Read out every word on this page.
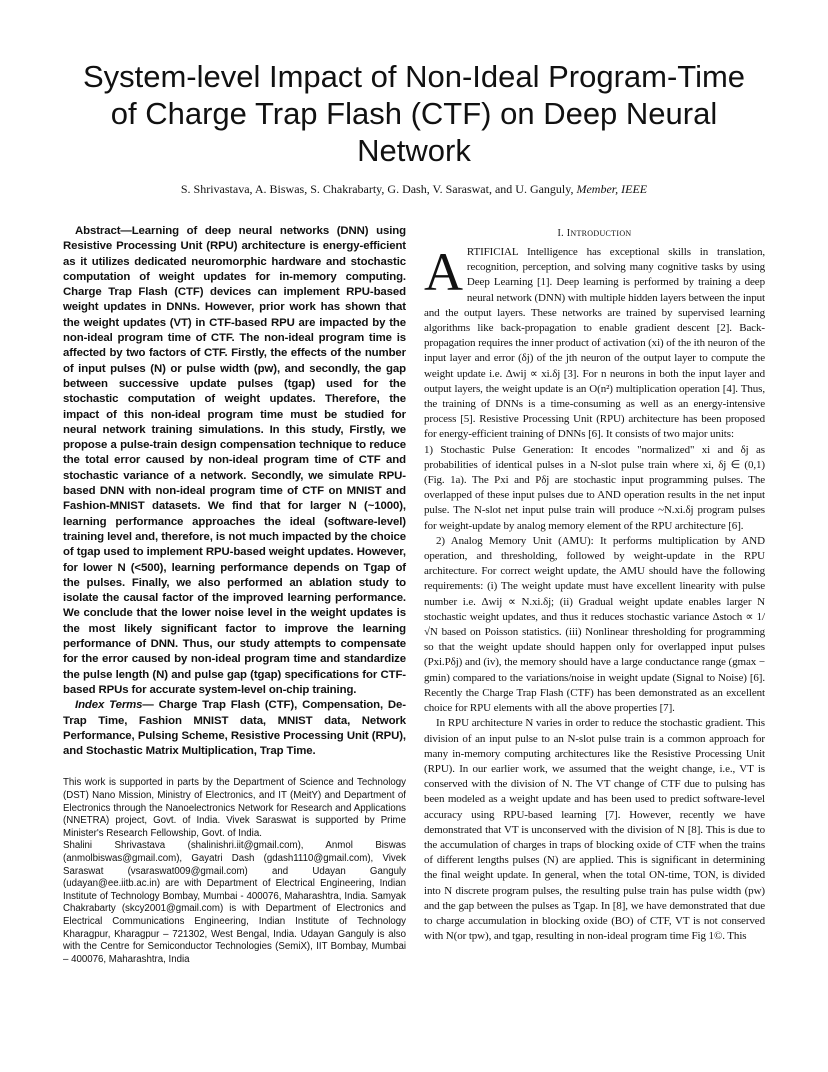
System-level Impact of Non-Ideal Program-Time of Charge Trap Flash (CTF) on Deep Neural Network
S. Shrivastava, A. Biswas, S. Chakrabarty, G. Dash, V. Saraswat, and U. Ganguly, Member, IEEE

Abstract—Learning of deep neural networks (DNN) using Resistive Processing Unit (RPU) architecture is energy-efficient as it utilizes dedicated neuromorphic hardware and stochastic computation of weight updates for in-memory computing. Charge Trap Flash (CTF) devices can implement RPU-based weight updates in DNNs. However, prior work has shown that the weight updates (VT) in CTF-based RPU are impacted by the non-ideal program time of CTF. The non-ideal program time is affected by two factors of CTF. Firstly, the effects of the number of input pulses (N) or pulse width (pw), and secondly, the gap between successive update pulses (tgap) used for the stochastic computation of weight updates. Therefore, the impact of this non-ideal program time must be studied for neural network training simulations. In this study, Firstly, we propose a pulse-train design compensation technique to reduce the total error caused by non-ideal program time of CTF and stochastic variance of a network. Secondly, we simulate RPU-based DNN with non-ideal program time of CTF on MNIST and Fashion-MNIST datasets. We find that for larger N (~1000), learning performance approaches the ideal (software-level) training level and, therefore, is not much impacted by the choice of tgap used to implement RPU-based weight updates. However, for lower N (<500), learning performance depends on Tgap of the pulses. Finally, we also performed an ablation study to isolate the causal factor of the improved learning performance. We conclude that the lower noise level in the weight updates is the most likely significant factor to improve the learning performance of DNN. Thus, our study attempts to compensate for the error caused by non-ideal program time and standardize the pulse length (N) and pulse gap (tgap) specifications for CTF-based RPUs for accurate system-level on-chip training.

Index Terms— Charge Trap Flash (CTF), Compensation, De-Trap Time, Fashion MNIST data, MNIST data, Network Performance, Pulsing Scheme, Resistive Processing Unit (RPU), and Stochastic Matrix Multiplication, Trap Time.

This work is supported in parts by the Department of Science and Technology (DST) Nano Mission, Ministry of Electronics, and IT (MeitY) and Department of Electronics through the Nanoelectronics Network for Research and Applications (NNETRA) project, Govt. of India. Vivek Saraswat is supported by Prime Minister's Research Fellowship, Govt. of India.

Shalini Shrivastava (shalinishri.iit@gmail.com), Anmol Biswas (anmolbiswas@gmail.com), Gayatri Dash (gdash1110@gmail.com), Vivek Saraswat (vsaraswat009@gmail.com) and Udayan Ganguly (udayan@ee.iitb.ac.in) are with Department of Electrical Engineering, Indian Institute of Technology Bombay, Mumbai - 400076, Maharashtra, India. Samyak Chakrabarty (skcy2001@gmail.com) is with Department of Electronics and Electrical Communications Engineering, Indian Institute of Technology Kharagpur, Kharagpur – 721302, West Bengal, India. Udayan Ganguly is also with the Centre for Semiconductor Technologies (SemiX), IIT Bombay, Mumbai – 400076, Maharashtra, India

I. INTRODUCTION

ARTIFICIAL Intelligence has exceptional skills in translation, recognition, perception, and solving many cognitive tasks by using Deep Learning [1]. Deep learning is performed by training a deep neural network (DNN) with multiple hidden layers between the input and the output layers. These networks are trained by supervised learning algorithms like back-propagation to enable gradient descent [2]. Back-propagation requires the inner product of activation (xi) of the ith neuron of the input layer and error (δj) of the jth neuron of the output layer to compute the weight update i.e. Δwij ∝ xi.δj [3]. For n neurons in both the input layer and output layers, the weight update is an O(n²) multiplication operation [4]. Thus, the training of DNNs is a time-consuming as well as an energy-intensive process [5]. Resistive Processing Unit (RPU) architecture has been proposed for energy-efficient training of DNNs [6]. It consists of two major units:

1) Stochastic Pulse Generation: It encodes "normalized" xi and δj as probabilities of identical pulses in a N-slot pulse train where xi, δj ∈ (0,1) (Fig. 1a). The Pxi and Pδj are stochastic input programming pulses. The overlapped of these input pulses due to AND operation results in the net input pulse. The N-slot net input pulse train will produce ~N.xi.δj program pulses for weight-update by analog memory element of the RPU architecture [6].

2) Analog Memory Unit (AMU): It performs multiplication by AND operation, and thresholding, followed by weight-update in the RPU architecture. For correct weight update, the AMU should have the following requirements: (i) The weight update must have excellent linearity with pulse number i.e. Δwij ∝ N.xi.δj; (ii) Gradual weight update enables larger N stochastic weight updates, and thus it reduces stochastic variance Δstoch ∝ 1/√N based on Poisson statistics. (iii) Nonlinear thresholding for programming so that the weight update should happen only for overlapped input pulses (Pxi.Pδj) and (iv), the memory should have a large conductance range (gmax − gmin) compared to the variations/noise in weight update (Signal to Noise) [6]. Recently the Charge Trap Flash (CTF) has been demonstrated as an excellent choice for RPU elements with all the above properties [7].

In RPU architecture N varies in order to reduce the stochastic gradient. This division of an input pulse to an N-slot pulse train is a common approach for many in-memory computing architectures like the Resistive Processing Unit (RPU). In our earlier work, we assumed that the weight change, i.e., VT is conserved with the division of N. The VT change of CTF due to pulsing has been modeled as a weight update and has been used to predict software-level accuracy using RPU-based learning [7]. However, recently we have demonstrated that VT is unconserved with the division of N [8]. This is due to the accumulation of charges in traps of blocking oxide of CTF when the trains of different lengths pulses (N) are applied. This is significant in determining the final weight update. In general, when the total ON-time, TON, is divided into N discrete program pulses, the resulting pulse train has pulse width (pw) and the gap between the pulses as Tgap. In [8], we have demonstrated that due to charge accumulation in blocking oxide (BO) of CTF, VT is not conserved with N(or tpw), and tgap, resulting in non-ideal program time Fig 1©. This
